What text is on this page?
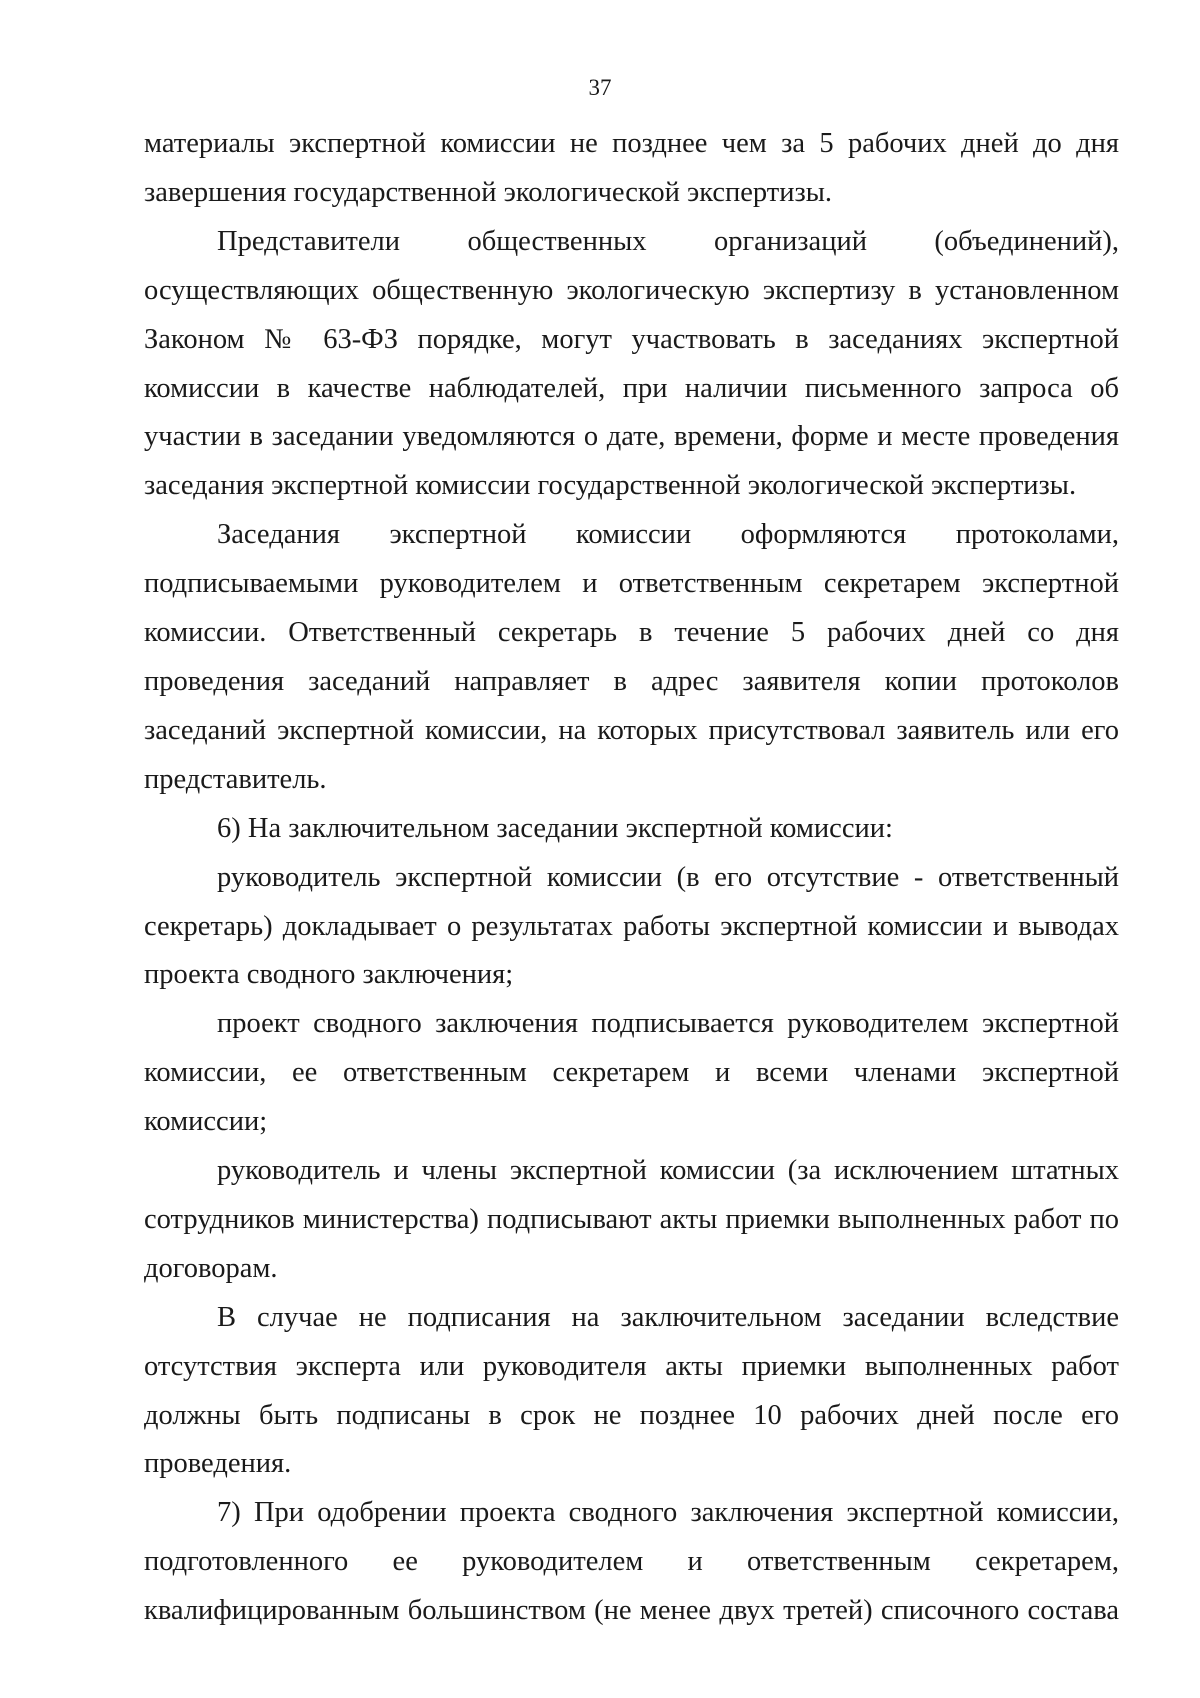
37

материалы экспертной комиссии не позднее чем за 5 рабочих дней до дня завершения государственной экологической экспертизы.

Представители общественных организаций (объединений), осуществляющих общественную экологическую экспертизу в установленном Законом № 63-ФЗ порядке, могут участвовать в заседаниях экспертной комиссии в качестве наблюдателей, при наличии письменного запроса об участии в заседании уведомляются о дате, времени, форме и месте проведения заседания экспертной комиссии государственной экологической экспертизы.

Заседания экспертной комиссии оформляются протоколами, подписываемыми руководителем и ответственным секретарем экспертной комиссии. Ответственный секретарь в течение 5 рабочих дней со дня проведения заседаний направляет в адрес заявителя копии протоколов заседаний экспертной комиссии, на которых присутствовал заявитель или его представитель.

6) На заключительном заседании экспертной комиссии:

руководитель экспертной комиссии (в его отсутствие - ответственный секретарь) докладывает о результатах работы экспертной комиссии и выводах проекта сводного заключения;

проект сводного заключения подписывается руководителем экспертной комиссии, ее ответственным секретарем и всеми членами экспертной комиссии;

руководитель и члены экспертной комиссии (за исключением штатных сотрудников министерства) подписывают акты приемки выполненных работ по договорам.

В случае не подписания на заключительном заседании вследствие отсутствия эксперта или руководителя акты приемки выполненных работ должны быть подписаны в срок не позднее 10 рабочих дней после его проведения.

7) При одобрении проекта сводного заключения экспертной комиссии, подготовленного ее руководителем и ответственным секретарем, квалифицированным большинством (не менее двух третей) списочного состава
